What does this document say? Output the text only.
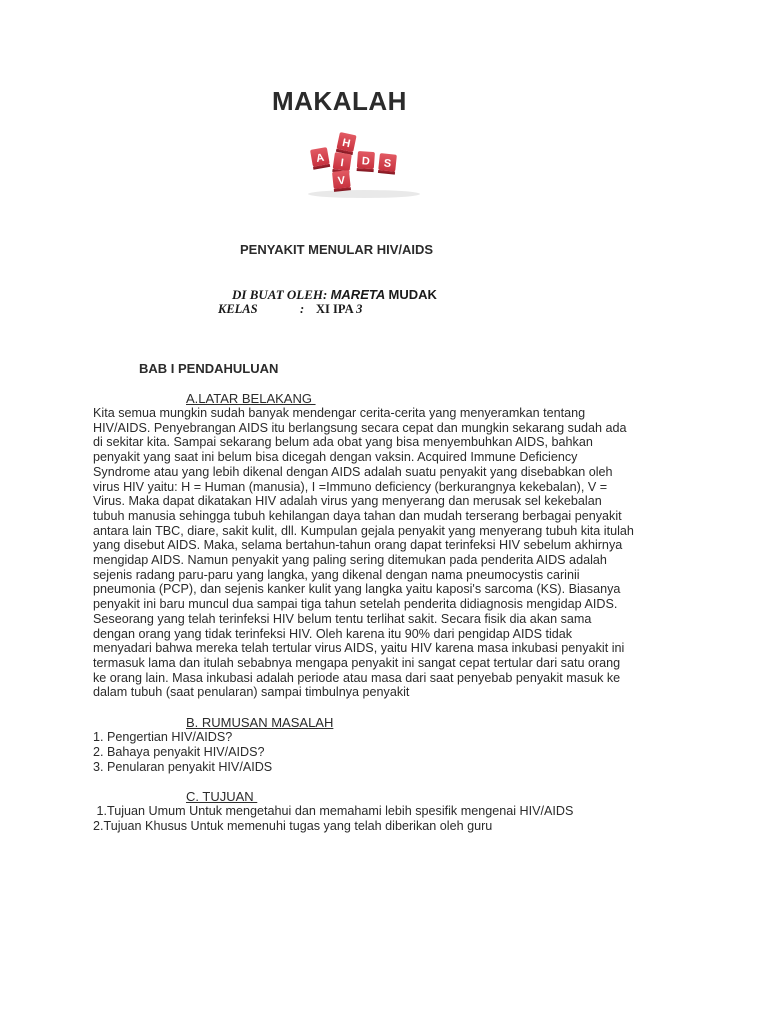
MAKALAH
H
A I D S
V
PENYAKIT MENULAR HIV/AIDS
DI BUAT OLEH: MARETA MUDAK
KELAS	: XI IPA 3
BAB I PENDAHULUAN
A.LATAR BELAKANG
Kita semua mungkin sudah banyak mendengar cerita-cerita yang menyeramkan tentang
HIV/AIDS. Penyebrangan AIDS itu berlangsung secara cepat dan mungkin sekarang sudah ada
di sekitar kita. Sampai sekarang belum ada obat yang bisa menyembuhkan AIDS, bahkan
penyakit yang saat ini belum bisa dicegah dengan vaksin. Acquired Immune Deficiency
Syndrome atau yang lebih dikenal dengan AIDS adalah suatu penyakit yang disebabkan oleh
virus HIV yaitu: H = Human (manusia), I =Immuno deficiency (berkurangnya kekebalan), V =
Virus. Maka dapat dikatakan HIV adalah virus yang menyerang dan merusak sel kekebalan
tubuh manusia sehingga tubuh kehilangan daya tahan dan mudah terserang berbagai penyakit
antara lain TBC, diare, sakit kulit, dll. Kumpulan gejala penyakit yang menyerang tubuh kita itulah
yang disebut AIDS. Maka, selama bertahun-tahun orang dapat terinfeksi HIV sebelum akhirnya
mengidap AIDS. Namun penyakit yang paling sering ditemukan pada penderita AIDS adalah
sejenis radang paru-paru yang langka, yang dikenal dengan nama pneumocystis carinii
pneumonia (PCP), dan sejenis kanker kulit yang langka yaitu kaposi's sarcoma (KS). Biasanya
penyakit ini baru muncul dua sampai tiga tahun setelah penderita didiagnosis mengidap AIDS.
Seseorang yang telah terinfeksi HIV belum tentu terlihat sakit. Secara fisik dia akan sama
dengan orang yang tidak terinfeksi HIV. Oleh karena itu 90% dari pengidap AIDS tidak
menyadari bahwa mereka telah tertular virus AIDS, yaitu HIV karena masa inkubasi penyakit ini
termasuk lama dan itulah sebabnya mengapa penyakit ini sangat cepat tertular dari satu orang
ke orang lain. Masa inkubasi adalah periode atau masa dari saat penyebab penyakit masuk ke
dalam tubuh (saat penularan) sampai timbulnya penyakit
B. RUMUSAN MASALAH
1. Pengertian HIV/AIDS?
2. Bahaya penyakit HIV/AIDS?
3. Penularan penyakit HIV/AIDS
C. TUJUAN
1.Tujuan Umum Untuk mengetahui dan memahami lebih spesifik mengenai HIV/AIDS
2.Tujuan Khusus Untuk memenuhi tugas yang telah diberikan oleh guru
